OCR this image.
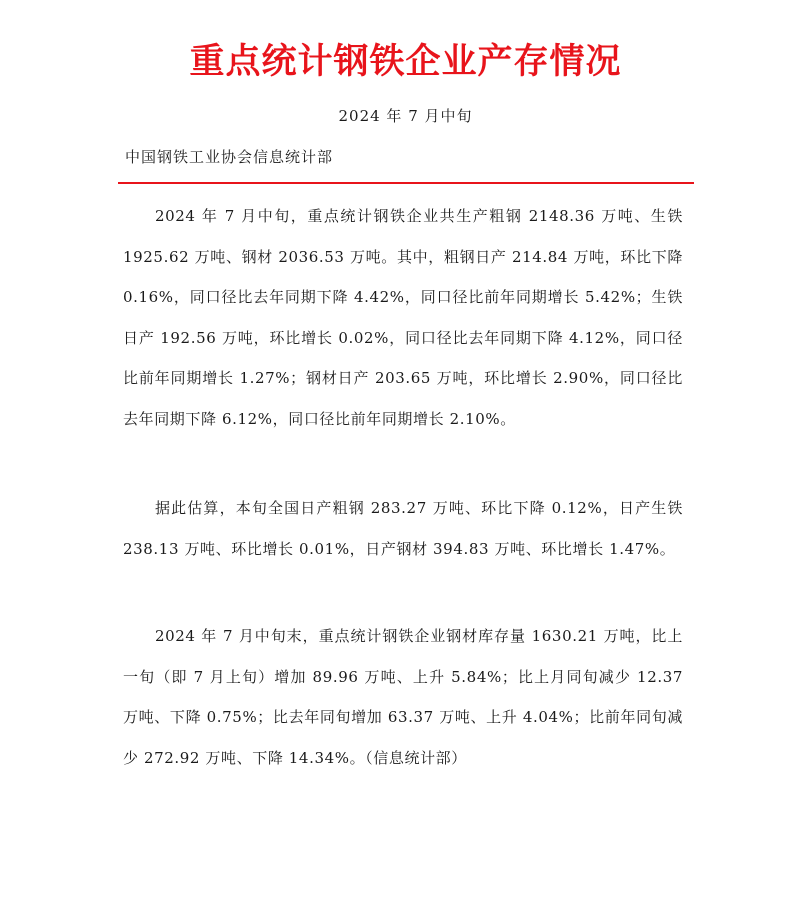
重点统计钢铁企业产存情况
2024 年 7 月中旬
中国钢铁工业协会信息统计部

2024 年 7 月中旬，重点统计钢铁企业共生产粗钢 2148.36 万吨、生铁 1925.62 万吨、钢材 2036.53 万吨。其中，粗钢日产 214.84 万吨，环比下降 0.16%，同口径比去年同期下降 4.42%，同口径比前年同期增长 5.42%；生铁日产 192.56 万吨，环比增长 0.02%，同口径比去年同期下降 4.12%，同口径比前年同期增长 1.27%；钢材日产 203.65 万吨，环比增长 2.90%，同口径比去年同期下降 6.12%，同口径比前年同期增长 2.10%。

据此估算，本旬全国日产粗钢 283.27 万吨、环比下降 0.12%，日产生铁 238.13 万吨、环比增长 0.01%，日产钢材 394.83 万吨、环比增长 1.47%。

2024 年 7 月中旬末，重点统计钢铁企业钢材库存量 1630.21 万吨，比上一旬（即 7 月上旬）增加 89.96 万吨、上升 5.84%；比上月同旬减少 12.37 万吨、下降 0.75%；比去年同旬增加 63.37 万吨、上升 4.04%；比前年同旬减少 272.92 万吨、下降 14.34%。（信息统计部）
